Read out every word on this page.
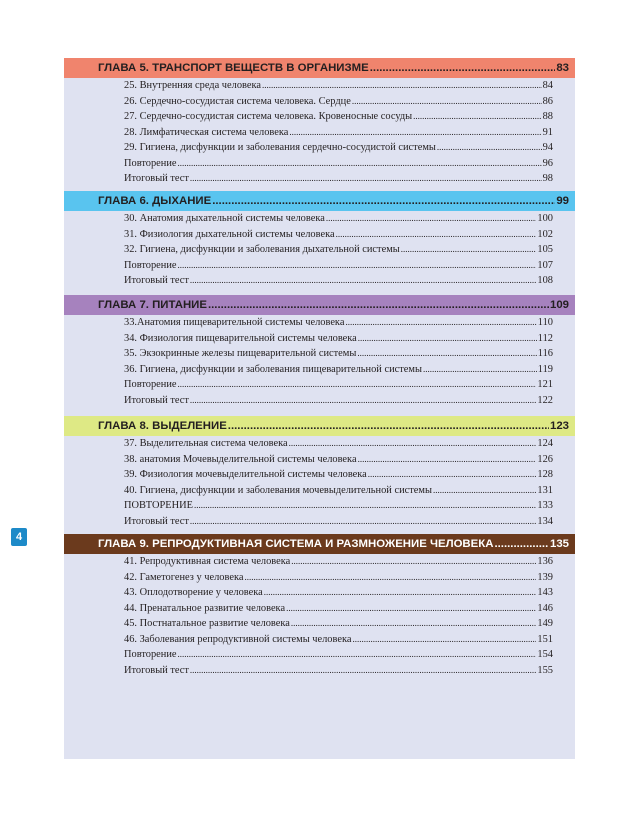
4
ГЛАВА 5. ТРАНСПОРТ ВЕЩЕСТВ В ОРГАНИЗМЕ .....	83
25. Внутренняя среда человека .....	84
26. Сердечно-сосудистая система человека. Сердце .....	86
27. Сердечно-сосудистая система человека. Кровеносные сосуды .....	88
28. Лимфатическая система человека .....	91
29. Гигиена, дисфункции и заболевания сердечно-сосудистой системы .....	94
Повторение .....	96
Итоговый тест .....	98
ГЛАВА 6. ДЫХАНИЕ .....	99
30. Анатомия дыхательной системы человека .....	100
31. Физиология дыхательной системы человека .....	102
32. Гигиена, дисфункции и заболевания дыхательной системы .....	105
Повторение .....	107
Итоговый тест .....	108
ГЛАВА 7. ПИТАНИЕ .....	109
33.Анатомия пищеварительной системы человека .....	110
34. Физиология пищеварительной системы человека .....	112
35. Экзокринные железы пищеварительной системы .....	116
36. Гигиена, дисфункции и заболевания пищеварительной системы .....	119
Повторение .....	121
Итоговый тест .....	122
ГЛАВА 8. ВЫДЕЛЕНИЕ .....	123
37. Выделительная система человека .....	124
38. анатомия Мочевыделительной системы человека .....	126
39. Физиология мочевыделительной системы человека .....	128
40. Гигиена, дисфункции и заболевания мочевыделительной системы .....	131
ПОВТОРЕНИЕ .....	133
Итоговый тест .....	134
ГЛАВА 9. РЕПРОДУКТИВНАЯ СИСТЕМА И РАЗМНОЖЕНИЕ ЧЕЛОВЕКА .....	135
41. Репродуктивная система человека .....	136
42. Гаметогенез у человека .....	139
43. Оплодотворение у человека .....	143
44. Пренатальное развитие человека .....	146
45. Постнатальное развитие человека .....	149
46. Заболевания репродуктивной системы человека .....	151
Повторение .....	154
Итоговый тест .....	155
